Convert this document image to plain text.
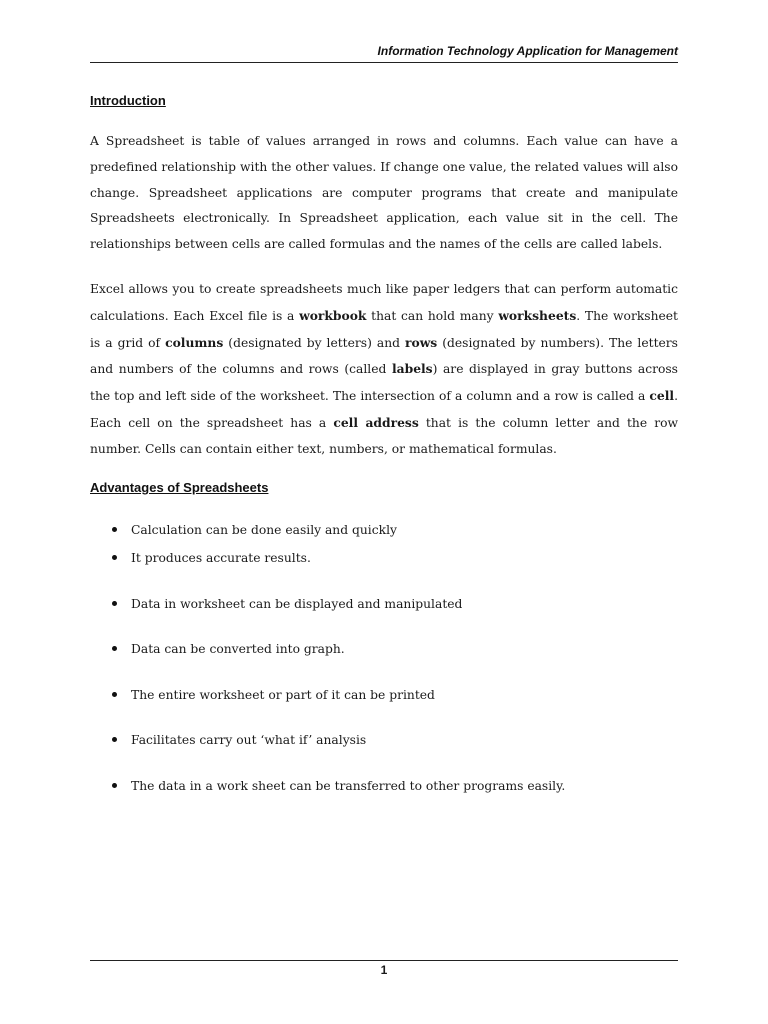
Information Technology Application for Management
Introduction

A Spreadsheet is table of values arranged in rows and columns. Each value can have a predefined relationship with the other values. If change one value, the related values will also change. Spreadsheet applications are computer programs that create and manipulate Spreadsheets electronically. In Spreadsheet application, each value sit in the cell. The relationships between cells are called formulas and the names of the cells are called labels.

Excel allows you to create spreadsheets much like paper ledgers that can perform automatic calculations. Each Excel file is a workbook that can hold many worksheets. The worksheet is a grid of columns (designated by letters) and rows (designated by numbers). The letters and numbers of the columns and rows (called labels) are displayed in gray buttons across the top and left side of the worksheet. The intersection of a column and a row is called a cell. Each cell on the spreadsheet has a cell address that is the column letter and the row number. Cells can contain either text, numbers, or mathematical formulas.

Advantages of Spreadsheets
Calculation can be done easily and quickly
It produces accurate results.
Data in worksheet can be displayed and manipulated
Data can be converted into graph.
The entire worksheet or part of it can be printed
Facilitates carry out ‘what if’ analysis
The data in a work sheet can be transferred to other programs easily.
1
